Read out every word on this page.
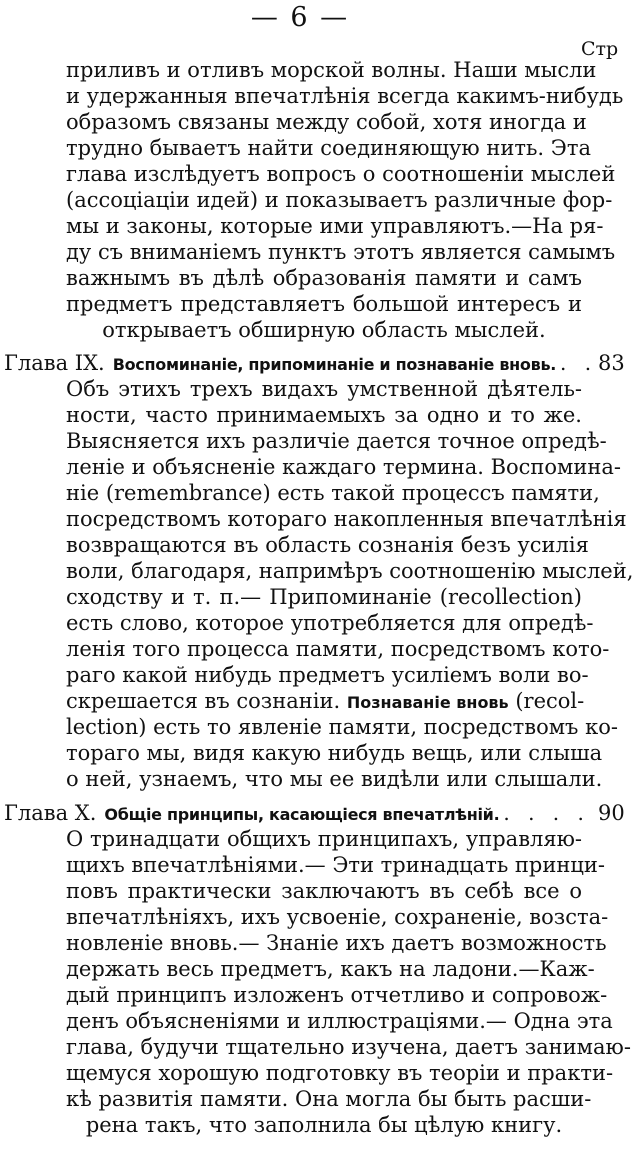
— 6 —
Стр
приливъ и отливъ морской волны. Наши мысли
и удержанныя впечатлѣнія всегда какимъ-нибудь
образомъ связаны между собой, хотя иногда и
трудно бываетъ найти соединяющую нить. Эта
глава изслѣдуетъ вопросъ о соотношеніи мыслей
(ассоціаціи идей) и показываетъ различные фор-
мы и законы, которые ими управляютъ.—На ря-
ду съ вниманіемъ пунктъ этотъ является самымъ
важнымъ въ дѣлѣ образованія памяти и самъ
предметъ представляетъ большой интересъ и
открываетъ обширную область мыслей.
Глава IX. Воспоминаніе, припоминаніе и познаваніе вновь. . . 83
Объ этихъ трехъ видахъ умственной дѣятель-
ности, часто принимаемыхъ за одно и то же.
Выясняется ихъ различіе дается точное опредѣ-
леніе и объясненіе каждаго термина. Воспомина-
ніе (remembrance) есть такой процессъ памяти,
посредствомъ котораго накопленныя впечатлѣнія
возвращаются въ область сознанія безъ усилія
воли, благодаря, напримѣръ соотношенію мыслей,
сходству и т. п.— Припоминаніе (recollection)
есть слово, которое употребляется для опредѣ-
ленія того процесса памяти, посредствомъ кото-
раго какой нибудь предметъ усиліемъ воли во-
скрешается въ сознаніи. Познаваніе вновь (recol-
lection) есть то явленіе памяти, посредствомъ ко-
тораго мы, видя какую нибудь вещь, или слыша
о ней, узнаемъ, что мы ее видѣли или слышали.
Глава X. Общіе принципы, касающіеся впечатлѣній. . . . . 90
О тринадцати общихъ принципахъ, управляю-
щихъ впечатлѣніями.— Эти тринадцать принци-
повъ практически заключаютъ въ себѣ все о
впечатлѣніяхъ, ихъ усвоеніе, сохраненіе, возста-
новленіе вновь.— Знаніе ихъ даетъ возможность
держать весь предметъ, какъ на ладони.—Каж-
дый принципъ изложенъ отчетливо и сопровож-
денъ объясненіями и иллюстраціями.— Одна эта
глава, будучи тщательно изучена, даетъ занимаю-
щемуся хорошую подготовку въ теоріи и практи-
кѣ развитія памяти. Она могла бы быть расши-
рена такъ, что заполнила бы цѣлую книгу.
